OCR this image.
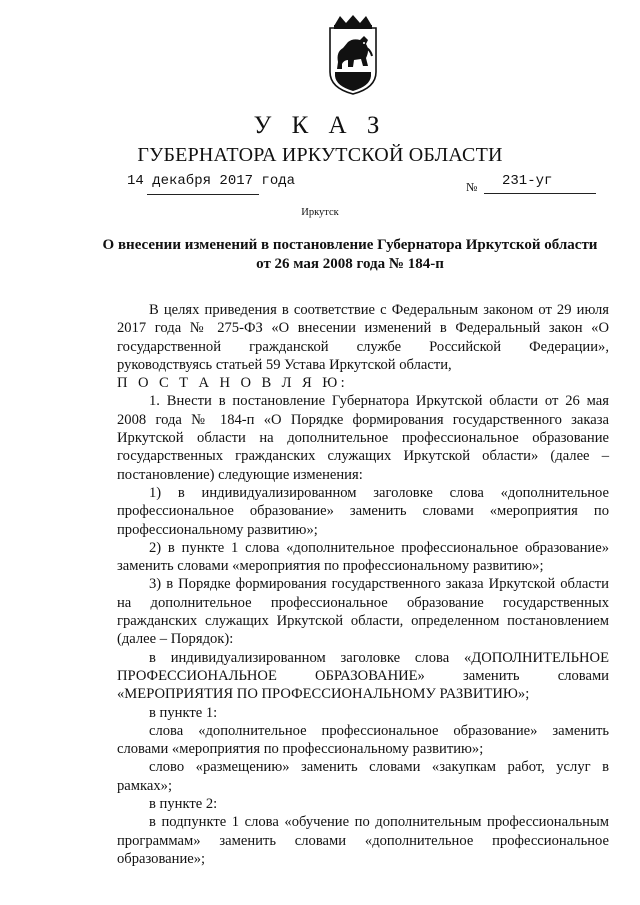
У К А З
ГУБЕРНАТОРА ИРКУТСКОЙ ОБЛАСТИ
14 декабря 2017 года	№ 231-уг
Иркутск
О внесении изменений в постановление Губернатора Иркутской области
от 26 мая 2008 года № 184-п

В целях приведения в соответствие с Федеральным законом от 29 июля 2017 года № 275-ФЗ «О внесении изменений в Федеральный закон «О государственной гражданской службе Российской Федерации», руководствуясь статьей 59 Устава Иркутской области,

П О С Т А Н О В Л Я Ю:

1. Внести в постановление Губернатора Иркутской области от 26 мая 2008 года № 184-п «О Порядке формирования государственного заказа Иркутской области на дополнительное профессиональное образование государственных гражданских служащих Иркутской области» (далее – постановление) следующие изменения:

1) в индивидуализированном заголовке слова «дополнительное профессиональное образование» заменить словами «мероприятия по профессиональному развитию»;

2) в пункте 1 слова «дополнительное профессиональное образование» заменить словами «мероприятия по профессиональному развитию»;

3) в Порядке формирования государственного заказа Иркутской области на дополнительное профессиональное образование государственных гражданских служащих Иркутской области, определенном постановлением (далее – Порядок):

в индивидуализированном заголовке слова «ДОПОЛНИТЕЛЬНОЕ ПРОФЕССИОНАЛЬНОЕ ОБРАЗОВАНИЕ» заменить словами «МЕРОПРИЯТИЯ ПО ПРОФЕССИОНАЛЬНОМУ РАЗВИТИЮ»;

в пункте 1:

слова «дополнительное профессиональное образование» заменить словами «мероприятия по профессиональному развитию»;

слово «размещению» заменить словами «закупкам работ, услуг в рамках»;

в пункте 2:

в подпункте 1 слова «обучение по дополнительным профессиональным программам» заменить словами «дополнительное профессиональное образование»;
